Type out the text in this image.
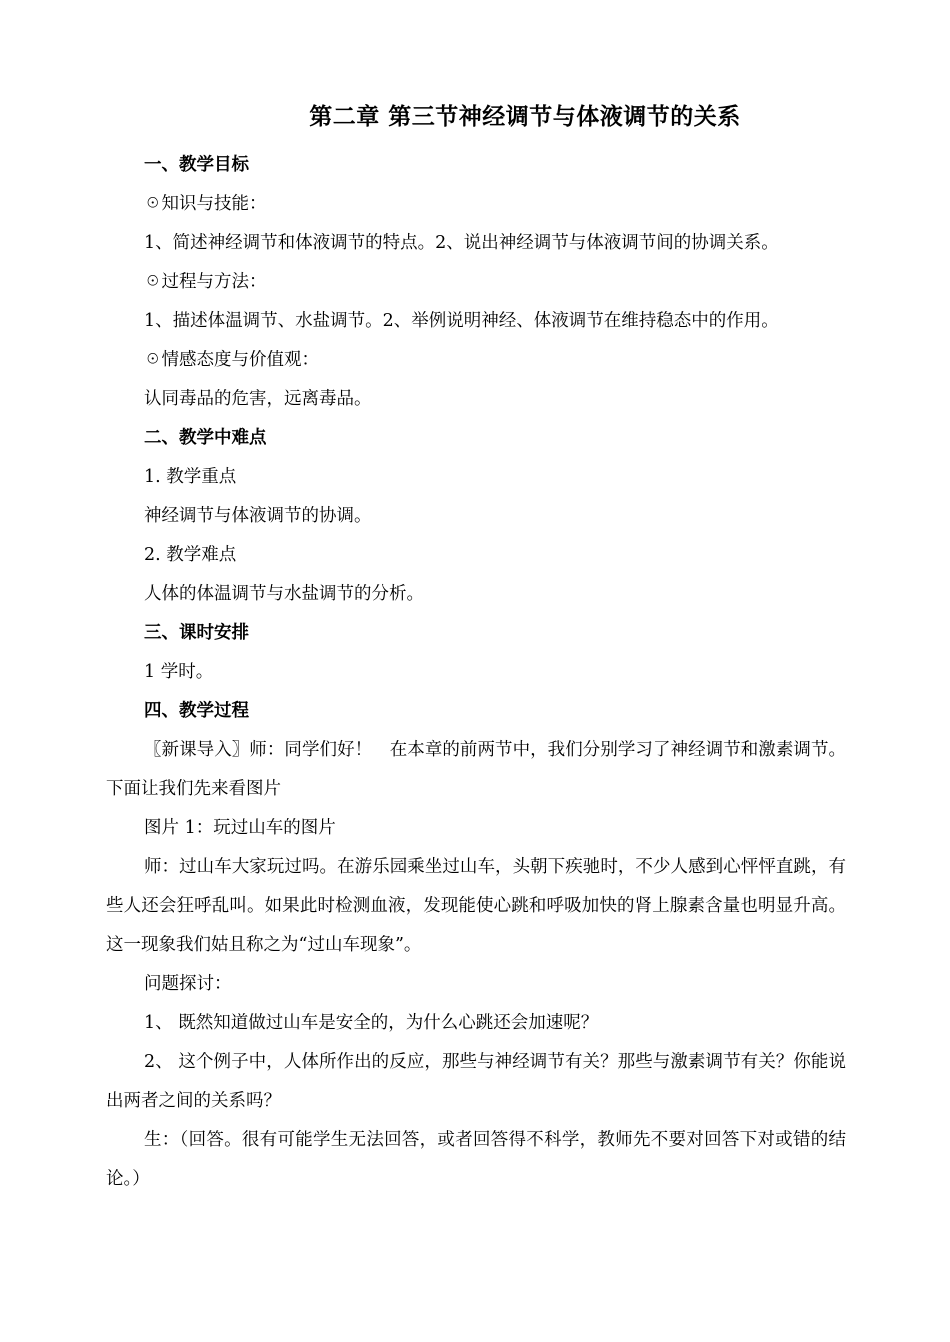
第二章 第三节神经调节与体液调节的关系
一、教学目标
☉知识与技能：
1、简述神经调节和体液调节的特点。2、说出神经调节与体液调节间的协调关系。
☉过程与方法：
1、描述体温调节、水盐调节。2、举例说明神经、体液调节在维持稳态中的作用。
☉情感态度与价值观：
认同毒品的危害，远离毒品。
二、教学中难点
1. 教学重点
神经调节与体液调节的协调。
2. 教学难点
人体的体温调节与水盐调节的分析。
三、课时安排
1 学时。
四、教学过程
〖新课导入〗师：同学们好！　在本章的前两节中，我们分别学习了神经调节和激素调节。下面让我们先来看图片
图片 1：玩过山车的图片
师：过山车大家玩过吗。在游乐园乘坐过山车，头朝下疾驰时，不少人感到心怦怦直跳，有些人还会狂呼乱叫。如果此时检测血液，发现能使心跳和呼吸加快的肾上腺素含量也明显升高。这一现象我们姑且称之为“过山车现象”。
问题探讨：
1、 既然知道做过山车是安全的，为什么心跳还会加速呢？
2、 这个例子中，人体所作出的反应，那些与神经调节有关？那些与激素调节有关？你能说出两者之间的关系吗？
生：（回答。很有可能学生无法回答，或者回答得不科学，教师先不要对回答下对或错的结论。）
